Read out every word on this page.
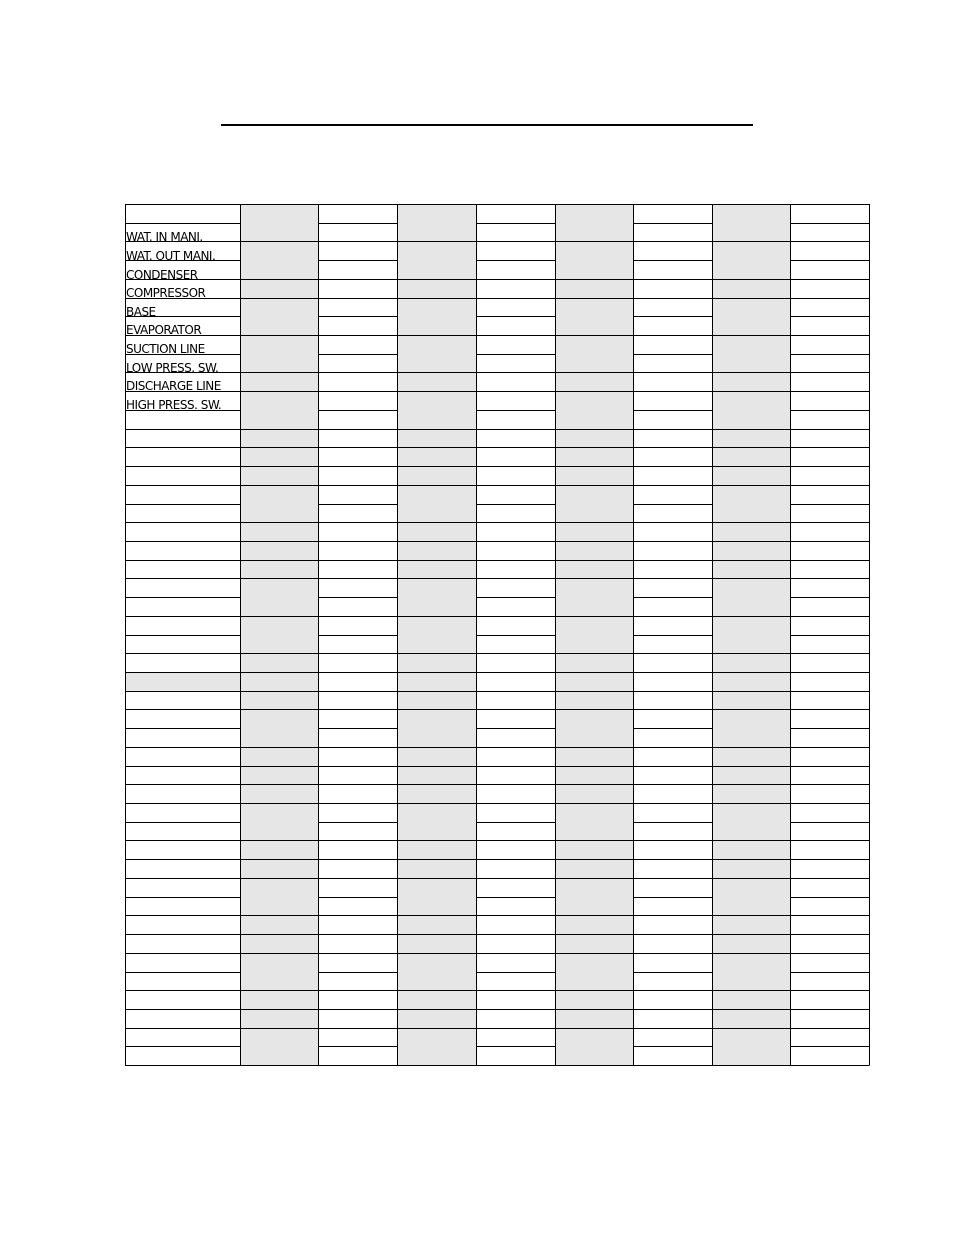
WAT. IN MANI.
WAT. OUT MANI.
CONDENSER
COMPRESSOR
BASE
EVAPORATOR
SUCTION LINE
LOW PRESS. SW.
DISCHARGE LINE
HIGH PRESS. SW.
